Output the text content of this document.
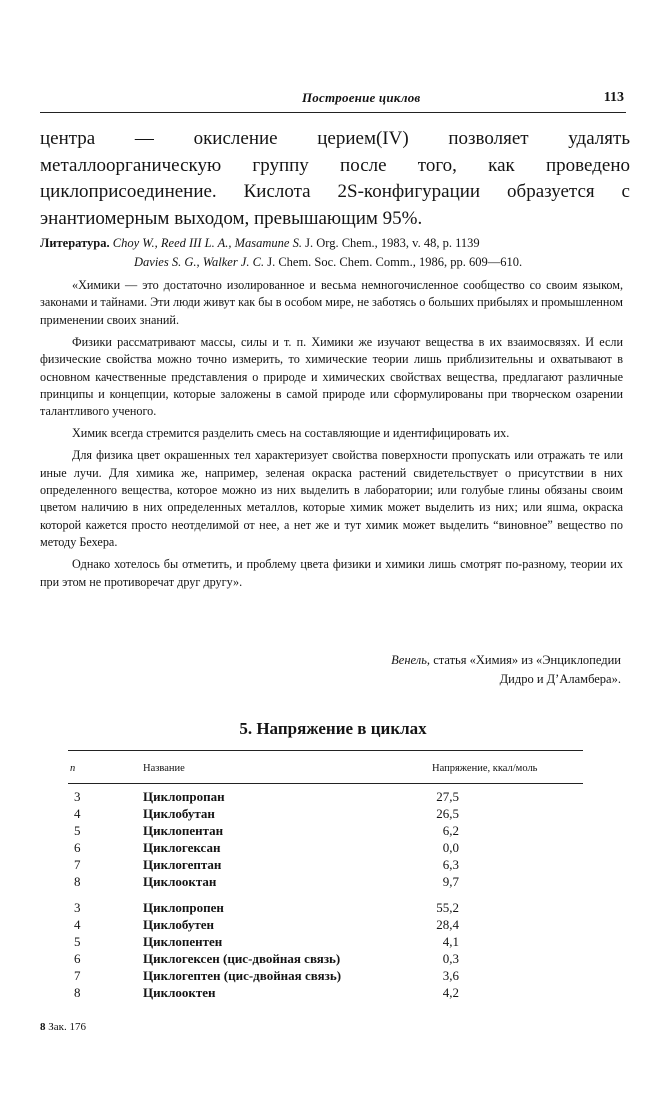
Построение циклов	113

центра — окисление церием(IV) позволяет удалять металлоорганическую группу после того, как проведено циклоприсоединение. Кислота 2S-конфигурации образуется с энантиомерным выходом, превышающим 95%.

Литература. Choy W., Reed III L. A., Masamune S. J. Org. Chem., 1983, v. 48, p. 1139
Davies S. G., Walker J. C. J. Chem. Soc. Chem. Comm., 1986, pp. 609—610.

«Химики — это достаточно изолированное и весьма немногочисленное сообщество со своим языком, законами и тайнами. Эти люди живут как бы в особом мире, не заботясь о больших прибылях и промышленном применении своих знаний.

Физики рассматривают массы, силы и т. п. Химики же изучают вещества в их взаимосвязях. И если физические свойства можно точно измерить, то химические теории лишь приблизительны и охватывают в основном качественные представления о природе и химических свойствах вещества, предлагают различные принципы и концепции, которые заложены в самой природе или сформулированы при творческом озарении талантливого ученого.

Химик всегда стремится разделить смесь на составляющие и идентифицировать их.

Для физика цвет окрашенных тел характеризует свойства поверхности пропускать или отражать те или иные лучи. Для химика же, например, зеленая окраска растений свидетельствует о присутствии в них определенного вещества, которое можно из них выделить в лаборатории; или голубые глины обязаны своим цветом наличию в них определенных металлов, которые химик может выделить из них; или яшма, окраска которой кажется просто неотделимой от нее, а нет же и тут химик может выделить “виновное” вещество по методу Бехера.

Однако хотелось бы отметить, и проблему цвета физики и химики лишь смотрят по-разному, теории их при этом не противоречат друг другу».

Венель, статья «Химия» из «Энциклопедии
Дидро и Д’Аламбера».
5. Напряжение в циклах
n	Название	Напряжение, ккал/моль
3	Циклопропан	27,5
4	Циклобутан	26,5
5	Циклопентан	6,2
6	Циклогексан	0,0
7	Циклогептан	6,3
8	Циклооктан	9,7
3	Циклопропен	55,2
4	Циклобутен	28,4
5	Циклопентен	4,1
6	Циклогексен (цис-двойная связь)	0,3
7	Циклогептен (цис-двойная связь)	3,6
8	Циклооктен	4,2
8 Зак. 176
